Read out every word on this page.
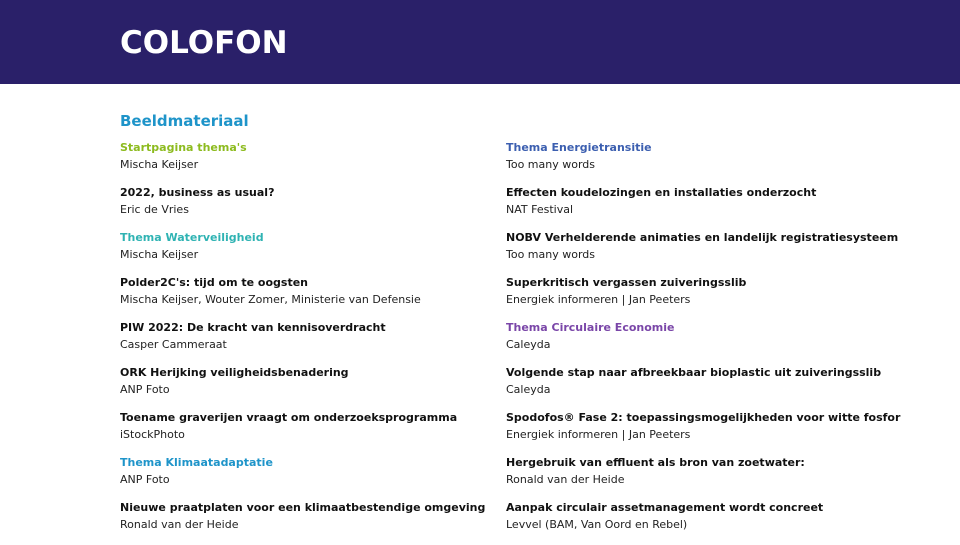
COLOFON
Beeldmateriaal
Startpagina thema's
Mischa Keijser
2022, business as usual?
Eric de Vries
Thema Waterveiligheid
Mischa Keijser
Polder2C's: tijd om te oogsten
Mischa Keijser, Wouter Zomer, Ministerie van Defensie
PIW 2022: De kracht van kennisoverdracht
Casper Cammeraat
ORK Herijking veiligheidsbenadering
ANP Foto
Toename graverijen vraagt om onderzoeksprogramma
iStockPhoto
Thema Klimaatadaptatie
ANP Foto
Nieuwe praatplaten voor een klimaatbestendige omgeving
Ronald van der Heide
Thema Energietransitie
Too many words
Effecten koudelozingen en installaties onderzocht
NAT Festival
NOBV Verhelderende animaties en landelijk registratiesysteem
Too many words
Superkritisch vergassen zuiveringsslib
Energiek informeren | Jan Peeters
Thema Circulaire Economie
Caleyda
Volgende stap naar afbreekbaar bioplastic uit zuiveringsslib
Caleyda
Spodofos® Fase 2: toepassingsmogelijkheden voor witte fosfor
Energiek informeren | Jan Peeters
Hergebruik van effluent als bron van zoetwater:
Ronald van der Heide
Aanpak circulair assetmanagement wordt concreet
Levvel (BAM, Van Oord en Rebel)
